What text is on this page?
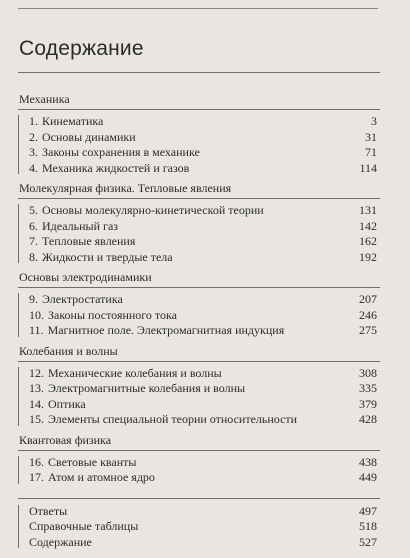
Содержание
Механика
1. Кинематика	3
2. Основы динамики	31
3. Законы сохранения в механике	71
4. Механика жидкостей и газов	114
Молекулярная физика. Тепловые явления
5. Основы молекулярно-кинетической теории	131
6. Идеальный газ	142
7. Тепловые явления	162
8. Жидкости и твердые тела	192
Основы электродинамики
9. Электростатика	207
10. Законы постоянного тока	246
11. Магнитное поле. Электромагнитная индукция	275
Колебания и волны
12. Механические колебания и волны	308
13. Электромагнитные колебания и волны	335
14. Оптика	379
15. Элементы специальной теории относительности	428
Квантовая физика
16. Световые кванты	438
17. Атом и атомное ядро	449
Ответы	497
Справочные таблицы	518
Содержание	527
